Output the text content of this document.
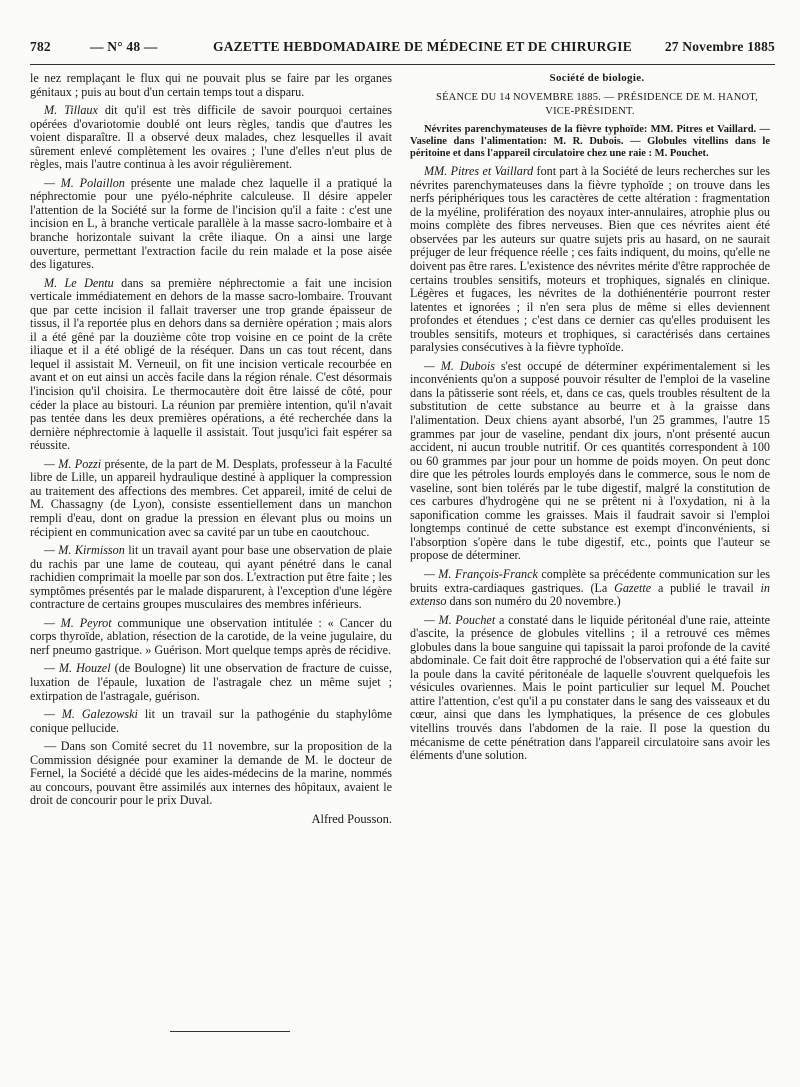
782	— N° 48 —	GAZETTE HEBDOMADAIRE DE MÉDECINE ET DE CHIRURGIE 27 Novembre 1885

le nez remplaçant le flux qui ne pouvait plus se faire par les organes génitaux ; puis au bout d'un certain temps tout a disparu.

M. Tillaux dit qu'il est très difficile de savoir pourquoi certaines opérées d'ovariotomie doublé ont leurs règles, tandis que d'autres les voient disparaître. Il a observé deux malades, chez lesquelles il avait sûrement enlevé complètement les ovaires ; l'une d'elles n'eut plus de règles, mais l'autre continua à les avoir régulièrement.

— M. Polaillon présente une malade chez laquelle il a pratiqué la néphrectomie pour une pyélo-néphrite calculeuse. Il désire appeler l'attention de la Société sur la forme de l'incision qu'il a faite : c'est une incision en L, à branche verticale parallèle à la masse sacro-lombaire et à branche horizontale suivant la crête iliaque. On a ainsi une large ouverture, permettant l'extraction facile du rein malade et la pose aisée des ligatures.

M. Le Dentu dans sa première néphrectomie a fait une incision verticale immédiatement en dehors de la masse sacro-lombaire. Trouvant que par cette incision il fallait traverser une trop grande épaisseur de tissus, il l'a reportée plus en dehors dans sa dernière opération ; mais alors il a été gêné par la douzième côte trop voisine en ce point de la crête iliaque et il a été obligé de la réséquer. Dans un cas tout récent, dans lequel il assistait M. Verneuil, on fit une incision verticale recourbée en avant et on eut ainsi un accès facile dans la région rénale. C'est désormais l'incision qu'il choisira. Le thermocautère doit être laissé de côté, pour céder la place au bistouri. La réunion par première intention, qu'il n'avait pas tentée dans les deux premières opérations, a été recherchée dans la dernière néphrectomie à laquelle il assistait. Tout jusqu'ici fait espérer sa réussite.

— M. Pozzi présente, de la part de M. Desplats, professeur à la Faculté libre de Lille, un appareil hydraulique destiné à appliquer la compression au traitement des affections des membres. Cet appareil, imité de celui de M. Chassagny (de Lyon), consiste essentiellement dans un manchon rempli d'eau, dont on gradue la pression en élevant plus ou moins un récipient en communication avec sa cavité par un tube en caoutchouc.

— M. Kirmisson lit un travail ayant pour base une observation de plaie du rachis par une lame de couteau, qui ayant pénétré dans le canal rachidien comprimait la moelle par son dos. L'extraction put être faite ; les symptômes présentés par le malade disparurent, à l'exception d'une légère contracture de certains groupes musculaires des membres inférieurs.

— M. Peyrot communique une observation intitulée : « Cancer du corps thyroïde, ablation, résection de la carotide, de la veine jugulaire, du nerf pneumo gastrique. » Guérison. Mort quelque temps après de récidive.

— M. Houzel (de Boulogne) lit une observation de fracture de cuisse, luxation de l'épaule, luxation de l'astragale chez un même sujet ; extirpation de l'astragale, guérison.

— M. Galezowski lit un travail sur la pathogénie du staphylôme conique pellucide.

— Dans son Comité secret du 11 novembre, sur la proposition de la Commission désignée pour examiner la demande de M. le docteur de Fernel, la Société a décidé que les aides-médecins de la marine, nommés au concours, pouvant être assimilés aux internes des hôpitaux, avaient le droit de concourir pour le prix Duval.

Alfred Pousson.

Société de biologie.

SÉANCE DU 14 NOVEMBRE 1885. — PRÉSIDENCE DE M. HANOT, VICE-PRÉSIDENT.

Névrites parenchymateuses de la fièvre typhoïde: MM. Pitres et Vaillard. — Vaseline dans l'alimentation: M. R. Dubois. — Globules vitellins dans le péritoine et dans l'appareil circulatoire chez une raie : M. Pouchet.

MM. Pitres et Vaillard font part à la Société de leurs recherches sur les névrites parenchymateuses dans la fièvre typhoïde ; on trouve dans les nerfs périphériques tous les caractères de cette altération : fragmentation de la myéline, prolifération des noyaux inter-annulaires, atrophie plus ou moins complète des fibres nerveuses. Bien que ces névrites aient été observées par les auteurs sur quatre sujets pris au hasard, on ne saurait préjuger de leur fréquence réelle ; ces faits indiquent, du moins, qu'elle ne doivent pas être rares. L'existence des névrites mérite d'être rapprochée de certains troubles sensitifs, moteurs et trophiques, signalés en clinique. Légères et fugaces, les névrites de la dothiénentérie pourront rester latentes et ignorées ; il n'en sera plus de même si elles deviennent profondes et étendues ; c'est dans ce dernier cas qu'elles produisent les troubles sensitifs, moteurs et trophiques, si caractérisés dans certaines paralysies consécutives à la fièvre typhoïde.

— M. Dubois s'est occupé de déterminer expérimentalement si les inconvénients qu'on a supposé pouvoir résulter de l'emploi de la vaseline dans la pâtisserie sont réels, et, dans ce cas, quels troubles résultent de la substitution de cette substance au beurre et à la graisse dans l'alimentation. Deux chiens ayant absorbé, l'un 25 grammes, l'autre 15 grammes par jour de vaseline, pendant dix jours, n'ont présenté aucun accident, ni aucun trouble nutritif. Or ces quantités correspondent à 100 ou 60 grammes par jour pour un homme de poids moyen. On peut donc dire que les pétroles lourds employés dans le commerce, sous le nom de vaseline, sont bien tolérés par le tube digestif, malgré la constitution de ces carbures d'hydrogène qui ne se prêtent ni à l'oxydation, ni à la saponification comme les graisses. Mais il faudrait savoir si l'emploi longtemps continué de cette substance est exempt d'inconvénients, si l'absorption s'opère dans le tube digestif, etc., points que l'auteur se propose de déterminer.

— M. François-Franck complète sa précédente communication sur les bruits extra-cardiaques gastriques. (La Gazette a publié le travail in extenso dans son numéro du 20 novembre.)

— M. Pouchet a constaté dans le liquide péritonéal d'une raie, atteinte d'ascite, la présence de globules vitellins ; il a retrouvé ces mêmes globules dans la boue sanguine qui tapissait la paroi profonde de la cavité abdominale. Ce fait doit être rapproché de l'observation qui a été faite sur la poule dans la cavité péritonéale de laquelle s'ouvrent quelquefois les vésicules ovariennes. Mais le point particulier sur lequel M. Pouchet attire l'attention, c'est qu'il a pu constater dans le sang des vaisseaux et du cœur, ainsi que dans les lymphatiques, la présence de ces globules vitellins trouvés dans l'abdomen de la raie. Il pose la question du mécanisme de cette pénétration dans l'appareil circulatoire sans avoir les éléments d'une solution.
